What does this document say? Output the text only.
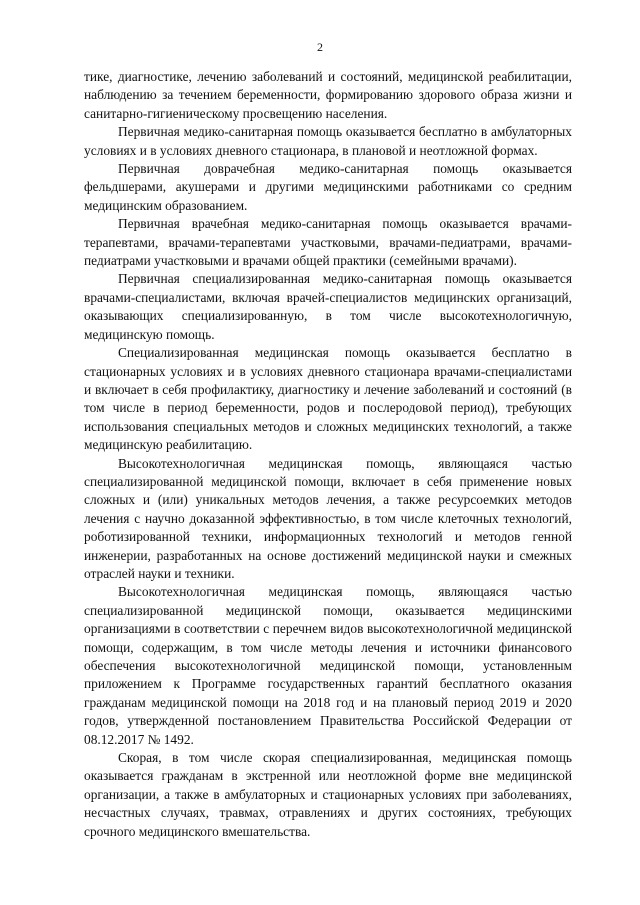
2

тике, диагностике, лечению заболеваний и состояний, медицинской реабилитации, наблюдению за течением беременности, формированию здорового образа жизни и санитарно-гигиеническому просвещению населения.

Первичная медико-санитарная помощь оказывается бесплатно в амбулаторных условиях и в условиях дневного стационара, в плановой и неотложной формах.

Первичная доврачебная медико-санитарная помощь оказывается фельдшерами, акушерами и другими медицинскими работниками со средним медицинским образованием.

Первичная врачебная медико-санитарная помощь оказывается врачами-терапевтами, врачами-терапевтами участковыми, врачами-педиатрами, врачами-педиатрами участковыми и врачами общей практики (семейными врачами).

Первичная специализированная медико-санитарная помощь оказывается врачами-специалистами, включая врачей-специалистов медицинских организаций, оказывающих специализированную, в том числе высокотехнологичную, медицинскую помощь.

Специализированная медицинская помощь оказывается бесплатно в стационарных условиях и в условиях дневного стационара врачами-специалистами и включает в себя профилактику, диагностику и лечение заболеваний и состояний (в том числе в период беременности, родов и послеродовой период), требующих использования специальных методов и сложных медицинских технологий, а также медицинскую реабилитацию.

Высокотехнологичная медицинская помощь, являющаяся частью специализированной медицинской помощи, включает в себя применение новых сложных и (или) уникальных методов лечения, а также ресурсоемких методов лечения с научно доказанной эффективностью, в том числе клеточных технологий, роботизированной техники, информационных технологий и методов генной инженерии, разработанных на основе достижений медицинской науки и смежных отраслей науки и техники.

Высокотехнологичная медицинская помощь, являющаяся частью специализированной медицинской помощи, оказывается медицинскими организациями в соответствии с перечнем видов высокотехнологичной медицинской помощи, содержащим, в том числе методы лечения и источники финансового обеспечения высокотехнологичной медицинской помощи, установленным приложением к Программе государственных гарантий бесплатного оказания гражданам медицинской помощи на 2018 год и на плановый период 2019 и 2020 годов, утвержденной постановлением Правительства Российской Федерации от 08.12.2017 № 1492.

Скорая, в том числе скорая специализированная, медицинская помощь оказывается гражданам в экстренной или неотложной форме вне медицинской организации, а также в амбулаторных и стационарных условиях при заболеваниях, несчастных случаях, травмах, отравлениях и других состояниях, требующих срочного медицинского вмешательства.
